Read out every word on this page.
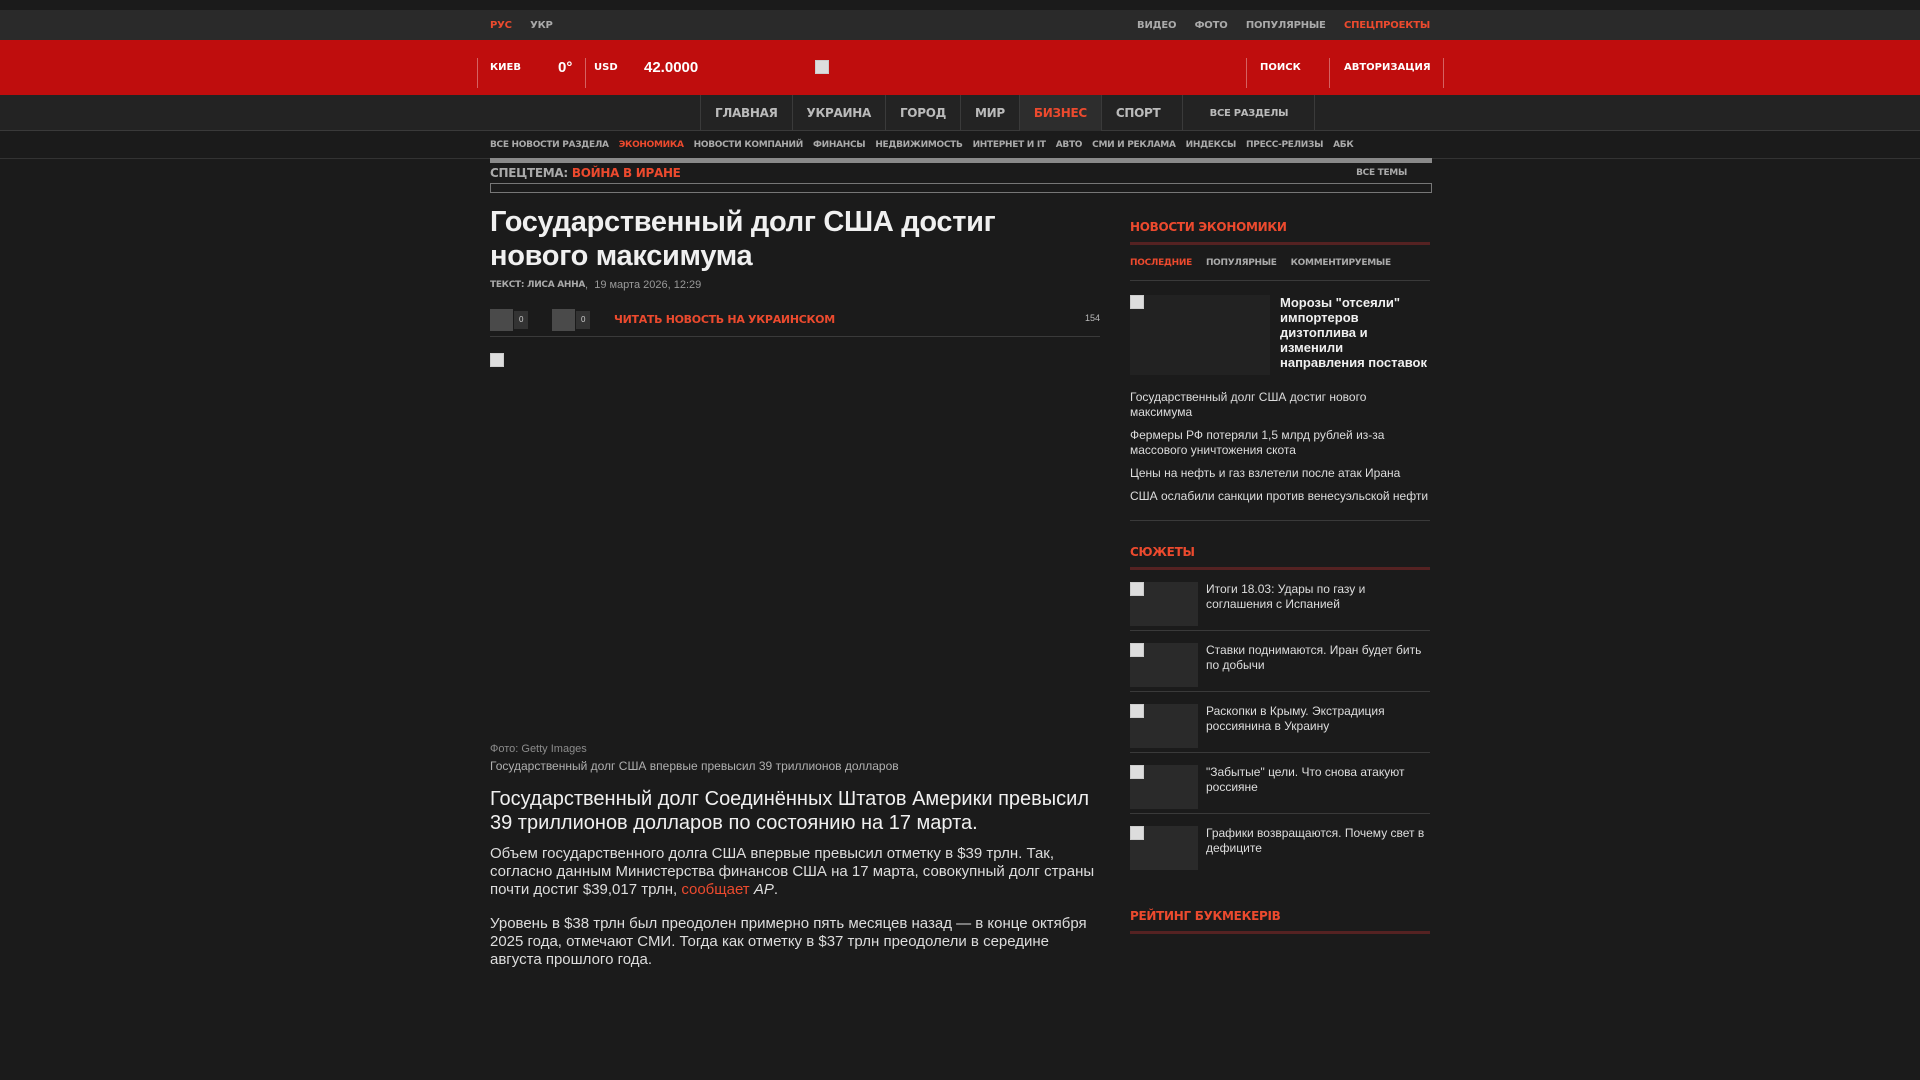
РУС УКР	ВИДЕО ФОТО ПОПУЛЯРНЫЕ СПЕЦПРОЕКТЫ
КИЕВ 0° USD 42.0000	ПОИСК	АВТОРИЗАЦИЯ
ГЛАВНАЯ	УКРАИНА	ГОРОД	МИР	БИЗНЕС	СПОРТ	ВСЕ РАЗДЕЛЫ
ВСЕ НОВОСТИ РАЗДЕЛА ЭКОНОМИКА НОВОСТИ КОМПАНИЙ ФИНАНСЫ НЕДВИЖИМОСТЬ ИНТЕРНЕТ И IT АВТО СМИ И РЕКЛАМА ИНДЕКСЫ ПРЕСС-РЕЛИЗЫ АБК
СПЕЦТЕМА: ВОЙНА В ИРАНЕ	ВСЕ ТЕМЫ
Государственный долг США достиг нового максимума
ТЕКСТ: ЛИСА АННА , 19 марта 2026, 12:29
0	0	ЧИТАТЬ НОВОСТЬ НА УКРАИНСКОМ	154
Фото: Getty Images
Государственный долг США впервые превысил 39 триллионов долларов
Государственный долг Соединённых Штатов Америки превысил 39 триллионов долларов по состоянию на 17 марта.
Объем государственного долга США впервые превысил отметку в $39 трлн. Так, согласно данным Министерства финансов США на 17 марта, совокупный долг страны почти достиг $39,017 трлн, сообщает AP.
Уровень в $38 трлн был преодолен примерно пять месяцев назад — в конце октября 2025 года, отмечают СМИ. Тогда как отметку в $37 трлн преодолели в середине августа прошлого года.
НОВОСТИ ЭКОНОМИКИ
ПОСЛЕДНИЕ ПОПУЛЯРНЫЕ КОММЕНТИРУЕМЫЕ
Морозы "отсеяли" импортеров дизтоплива и изменили направления поставок
Государственный долг США достиг нового максимума
Фермеры РФ потеряли 1,5 млрд рублей из-за массового уничтожения скота
Цены на нефть и газ взлетели после атак Ирана
США ослабили санкции против венесуэльской нефти
СЮЖЕТЫ
Итоги 18.03: Удары по газу и соглашения с Испанией
Ставки поднимаются. Иран будет бить по добычи
Раскопки в Крыму. Экстрадиция россиянина в Украину
"Забытые" цели. Что снова атакуют россияне
Графики возвращаются. Почему свет в дефиците
РЕЙТИНГ БУКМЕКЕРІВ
